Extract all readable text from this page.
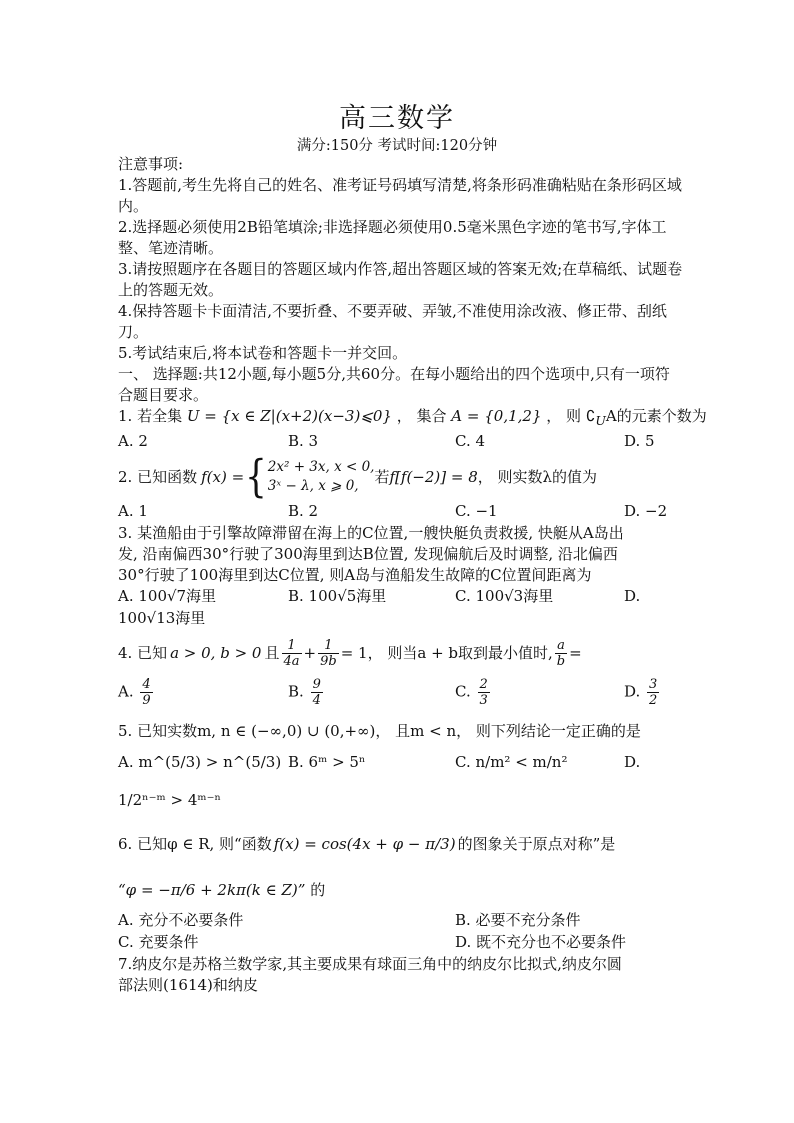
高三数学
满分:150分 考试时间:120分钟
注意事项:
1.答题前,考生先将自己的姓名、准考证号码填写清楚,将条形码准确粘贴在条形码区域内。
2.选择题必须使用2B铅笔填涂;非选择题必须使用0.5毫米黑色字迹的笔书写,字体工整、笔迹清晰。
3.请按照题序在各题目的答题区域内作答,超出答题区域的答案无效;在草稿纸、试题卷上的答题无效。
4.保持答题卡卡面清洁,不要折叠、不要弄破、弄皱,不准使用涂改液、修正带、刮纸刀。
5.考试结束后,将本试卷和答题卡一并交回。
一、 选择题:共12小题,每小题5分,共60分。在每小题给出的四个选项中,只有一项符合题目要求。
1. 若全集 U = {x ∈ Z|(x+2)(x−3)⩽0} ， 集合 A = {0,1,2} ， 则 $∁_UA$的元素个数为
A. 2	B. 3	C. 4	D. 5
2. 已知函数 f(x) = { 2x² + 3x, x < 0,
3ˣ − λ, x ⩾ 0,
若 f[f(−2)] = 8 ， 则实数λ的值为
A. 1	B. 2	C. −1	D. −2
3. 某渔船由于引擎故障滞留在海上的C位置,一艘快艇负责救援, 快艇从A岛出
发, 沿南偏西30°行驶了300海里到达B位置, 发现偏航后及时调整, 沿北偏西
30°行驶了100海里到达C位置, 则A岛与渔船发生故障的C位置间距离为
A. 100√7海里	B. 100√5海里	C. 100√3海里	D.
100√13海里
4. 已知 a > 0, b > 0 且 $\frac{1}{4a} + \frac{1}{9b} = 1$ ， 则当a + b取到最小值时, $\frac{a}{b}$ =
A. $\frac{4}{9}$	B. $\frac{9}{4}$	C. $\frac{2}{3}$	D. $\frac{3}{2}$
5. 已知实数m, n ∈ (−∞,0) ∪ (0,+∞)， 且m < n， 则下列结论一定正确的是
A. m^(5/3) > n^(5/3) B. 6ᵐ > 5ⁿ	C. n/m² < m/n²	D.
1/2ⁿ⁻ᵐ > 4ᵐ⁻ⁿ
6. 已知φ ∈ R, 则“函数 f(x) = cos(4x + φ − π/3) 的图象关于原点对称”是
“φ = −π/6 + 2kπ(k ∈ Z)” 的
A. 充分不必要条件	B. 必要不充分条件
C. 充要条件	D. 既不充分也不必要条件
7.纳皮尔是苏格兰数学家,其主要成果有球面三角中的纳皮尔比拟式,纳皮尔圆
部法则(1614)和纳皮
